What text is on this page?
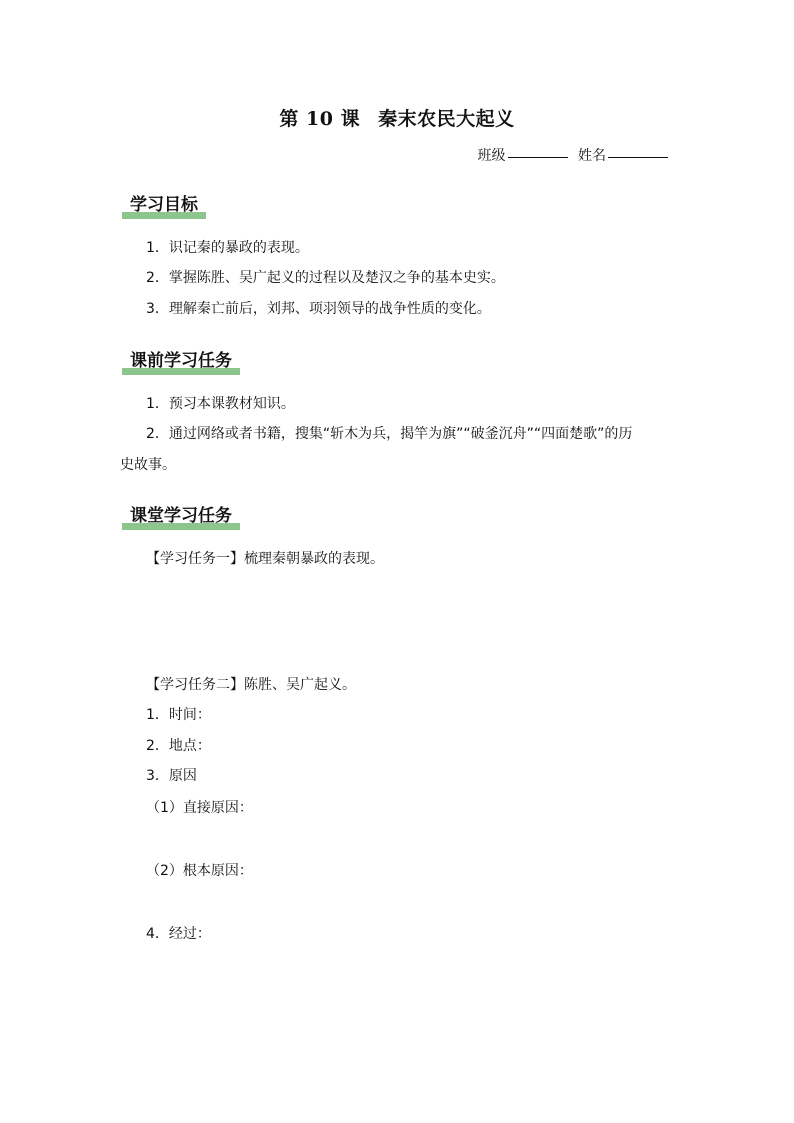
第 10 课 秦末农民大起义
班级	姓名
学习目标
1．识记秦的暴政的表现。
2．掌握陈胜、吴广起义的过程以及楚汉之争的基本史实。
3．理解秦亡前后，刘邦、项羽领导的战争性质的变化。
课前学习任务
1．预习本课教材知识。
2．通过网络或者书籍，搜集“斩木为兵，揭竿为旗”“破釜沉舟”“四面楚歌”的历
史故事。
课堂学习任务
【学习任务一】梳理秦朝暴政的表现。
【学习任务二】陈胜、吴广起义。
1．时间：
2．地点：
3．原因
（1）直接原因：
（2）根本原因：
4．经过：
